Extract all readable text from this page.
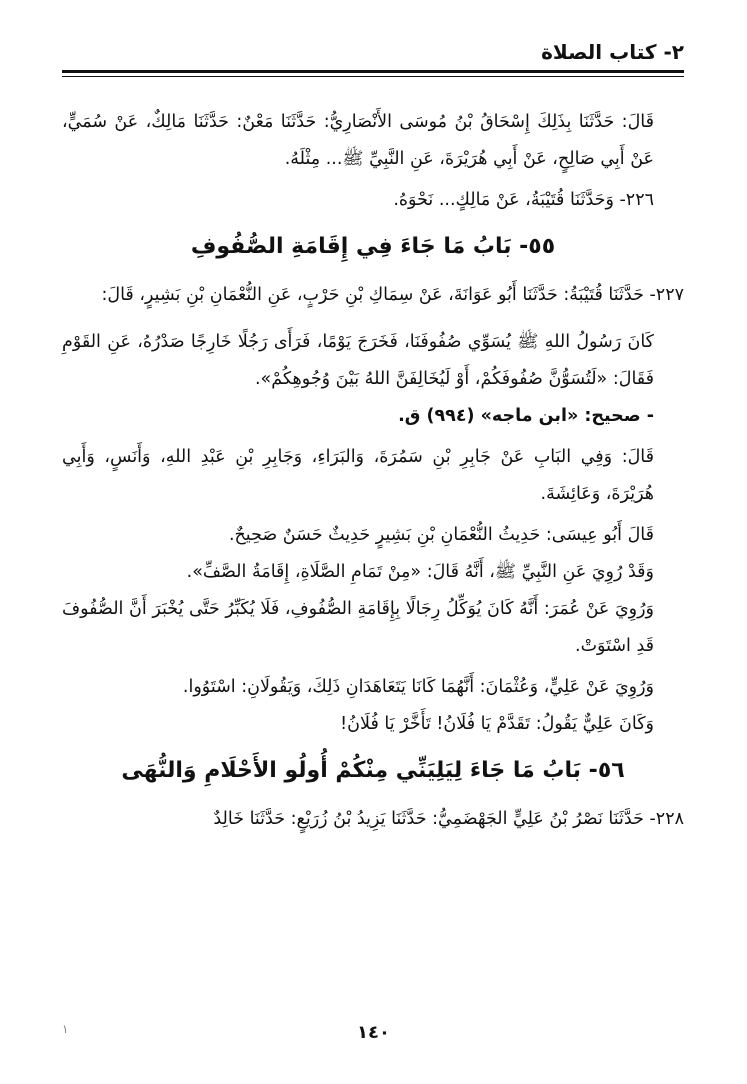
٢- كتاب الصلاة

قَالَ: حَدَّثَنَا بِذَلِكَ إِسْحَاقُ بْنُ مُوسَى الأَنْصَارِيُّ: حَدَّثَنَا مَعْنٌ: حَدَّثَنَا مَالِكٌ، عَنْ سُمَيٍّ، عَنْ أَبِي صَالِحٍ، عَنْ أَبِي هُرَيْرَةَ، عَنِ النَّبِيِّ ﷺ... مِثْلَهُ.

٢٢٦- وَحَدَّثَنَا قُتَيْبَةُ، عَنْ مَالِكٍ... نَحْوَهُ.

٥٥- بَابُ مَا جَاءَ فِي إِقَامَةِ الصُّفُوفِ

٢٢٧- حَدَّثَنَا قُتَيْبَةُ: حَدَّثَنَا أَبُو عَوَانَةَ، عَنْ سِمَاكِ بْنِ حَرْبٍ، عَنِ النُّعْمَانِ بْنِ بَشِيرٍ، قَالَ:

كَانَ رَسُولُ اللهِ ﷺ يُسَوِّي صُفُوفَنَا، فَخَرَجَ يَوْمًا، فَرَأَى رَجُلًا خَارِجًا صَدْرُهُ، عَنِ القَوْمِ فَقَالَ: «لَتُسَوُّنَّ صُفُوفَكُمْ، أَوْ لَيُخَالِفَنَّ اللهُ بَيْنَ وُجُوهِكُمْ».

- صحيح: «ابن ماجه» (٩٩٤) ق.

قَالَ: وَفِي البَابِ عَنْ جَابِرِ بْنِ سَمُرَةَ، وَالبَرَاءِ، وَجَابِرِ بْنِ عَبْدِ اللهِ، وَأَنَسٍ، وَأَبِي هُرَيْرَةَ، وَعَائِشَةَ.

قَالَ أَبُو عِيسَى: حَدِيثُ النُّعْمَانِ بْنِ بَشِيرٍ حَدِيثٌ حَسَنٌ صَحِيحٌ.

وَقَدْ رُوِيَ عَنِ النَّبِيِّ ﷺ، أَنَّهُ قَالَ: «مِنْ تَمَامِ الصَّلَاةِ، إِقَامَةُ الصَّفِّ».

وَرُوِيَ عَنْ عُمَرَ: أَنَّهُ كَانَ يُوَكِّلُ رِجَالًا بِإِقَامَةِ الصُّفُوفِ، فَلَا يُكَبِّرُ حَتَّى يُخْبَرَ أَنَّ الصُّفُوفَ قَدِ اسْتَوَتْ.

وَرُوِيَ عَنْ عَلِيٍّ، وَعُثْمَانَ: أَنَّهُمَا كَانَا يَتَعَاهَدَانِ ذَلِكَ، وَيَقُولَانِ: اسْتَوُوا.

وَكَانَ عَلِيٌّ يَقُولُ: تَقَدَّمْ يَا فُلَانُ! تَأَخَّرْ يَا فُلَانُ!

٥٦- بَابُ مَا جَاءَ لِيَلِيَنِّي مِنْكُمْ أُولُو الأَحْلَامِ وَالنُّهَى

٢٢٨- حَدَّثَنَا نَصْرُ بْنُ عَلِيٍّ الجَهْضَمِيُّ: حَدَّثَنَا يَزِيدُ بْنُ زُرَيْعٍ: حَدَّثَنَا خَالِدٌ

١٤٠
١
